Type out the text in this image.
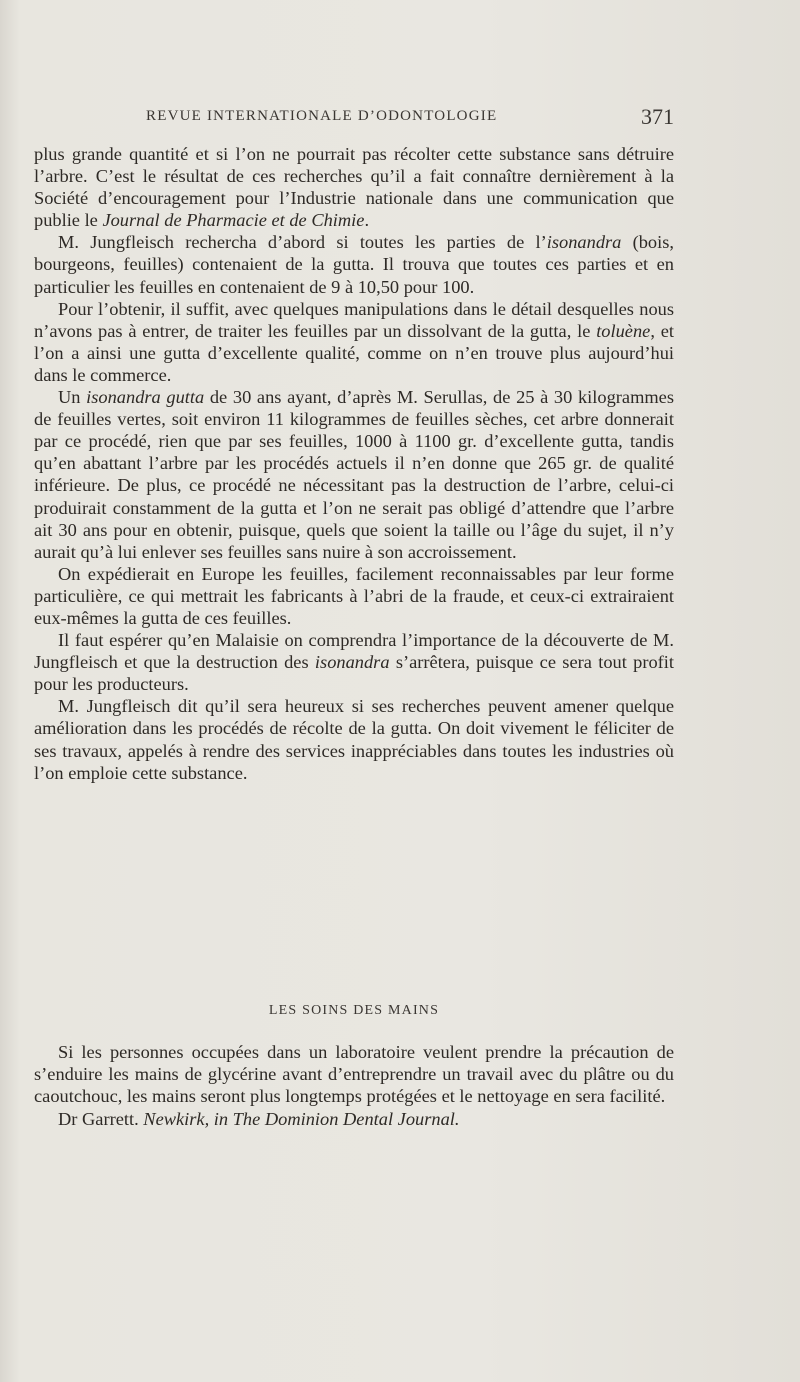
REVUE INTERNATIONALE D’ODONTOLOGIE	371

plus grande quantité et si l’on ne pourrait pas récolter cette substance sans détruire l’arbre. C’est le résultat de ces recherches qu’il a fait connaître dernièrement à la Société d’encouragement pour l’Industrie nationale dans une communication que publie le Journal de Pharmacie et de Chimie.

M. Jungfleisch rechercha d’abord si toutes les parties de l’isonandra (bois, bourgeons, feuilles) contenaient de la gutta. Il trouva que toutes ces parties et en particulier les feuilles en contenaient de 9 à 10,50 pour 100.

Pour l’obtenir, il suffit, avec quelques manipulations dans le détail desquelles nous n’avons pas à entrer, de traiter les feuilles par un dissolvant de la gutta, le toluène, et l’on a ainsi une gutta d’excellente qualité, comme on n’en trouve plus aujourd’hui dans le commerce.

Un isonandra gutta de 30 ans ayant, d’après M. Serullas, de 25 à 30 kilogrammes de feuilles vertes, soit environ 11 kilogrammes de feuilles sèches, cet arbre donnerait par ce procédé, rien que par ses feuilles, 1000 à 1100 gr. d’excellente gutta, tandis qu’en abattant l’arbre par les procédés actuels il n’en donne que 265 gr. de qualité inférieure. De plus, ce procédé ne nécessitant pas la destruction de l’arbre, celui-ci produirait constamment de la gutta et l’on ne serait pas obligé d’attendre que l’arbre ait 30 ans pour en obtenir, puisque, quels que soient la taille ou l’âge du sujet, il n’y aurait qu’à lui enlever ses feuilles sans nuire à son accroissement.

On expédierait en Europe les feuilles, facilement reconnaissables par leur forme particulière, ce qui mettrait les fabricants à l’abri de la fraude, et ceux-ci extrairaient eux-mêmes la gutta de ces feuilles.

Il faut espérer qu’en Malaisie on comprendra l’importance de la découverte de M. Jungfleisch et que la destruction des isonandra s’arrêtera, puisque ce sera tout profit pour les producteurs.

M. Jungfleisch dit qu’il sera heureux si ses recherches peuvent amener quelque amélioration dans les procédés de récolte de la gutta. On doit vivement le féliciter de ses travaux, appelés à rendre des services inappréciables dans toutes les industries où l’on emploie cette substance.

LES SOINS DES MAINS

Si les personnes occupées dans un laboratoire veulent prendre la précaution de s’enduire les mains de glycérine avant d’entreprendre un travail avec du plâtre ou du caoutchouc, les mains seront plus longtemps protégées et le nettoyage en sera facilité.

Dr Garrett. Newkirk, in The Dominion Dental Journal.
